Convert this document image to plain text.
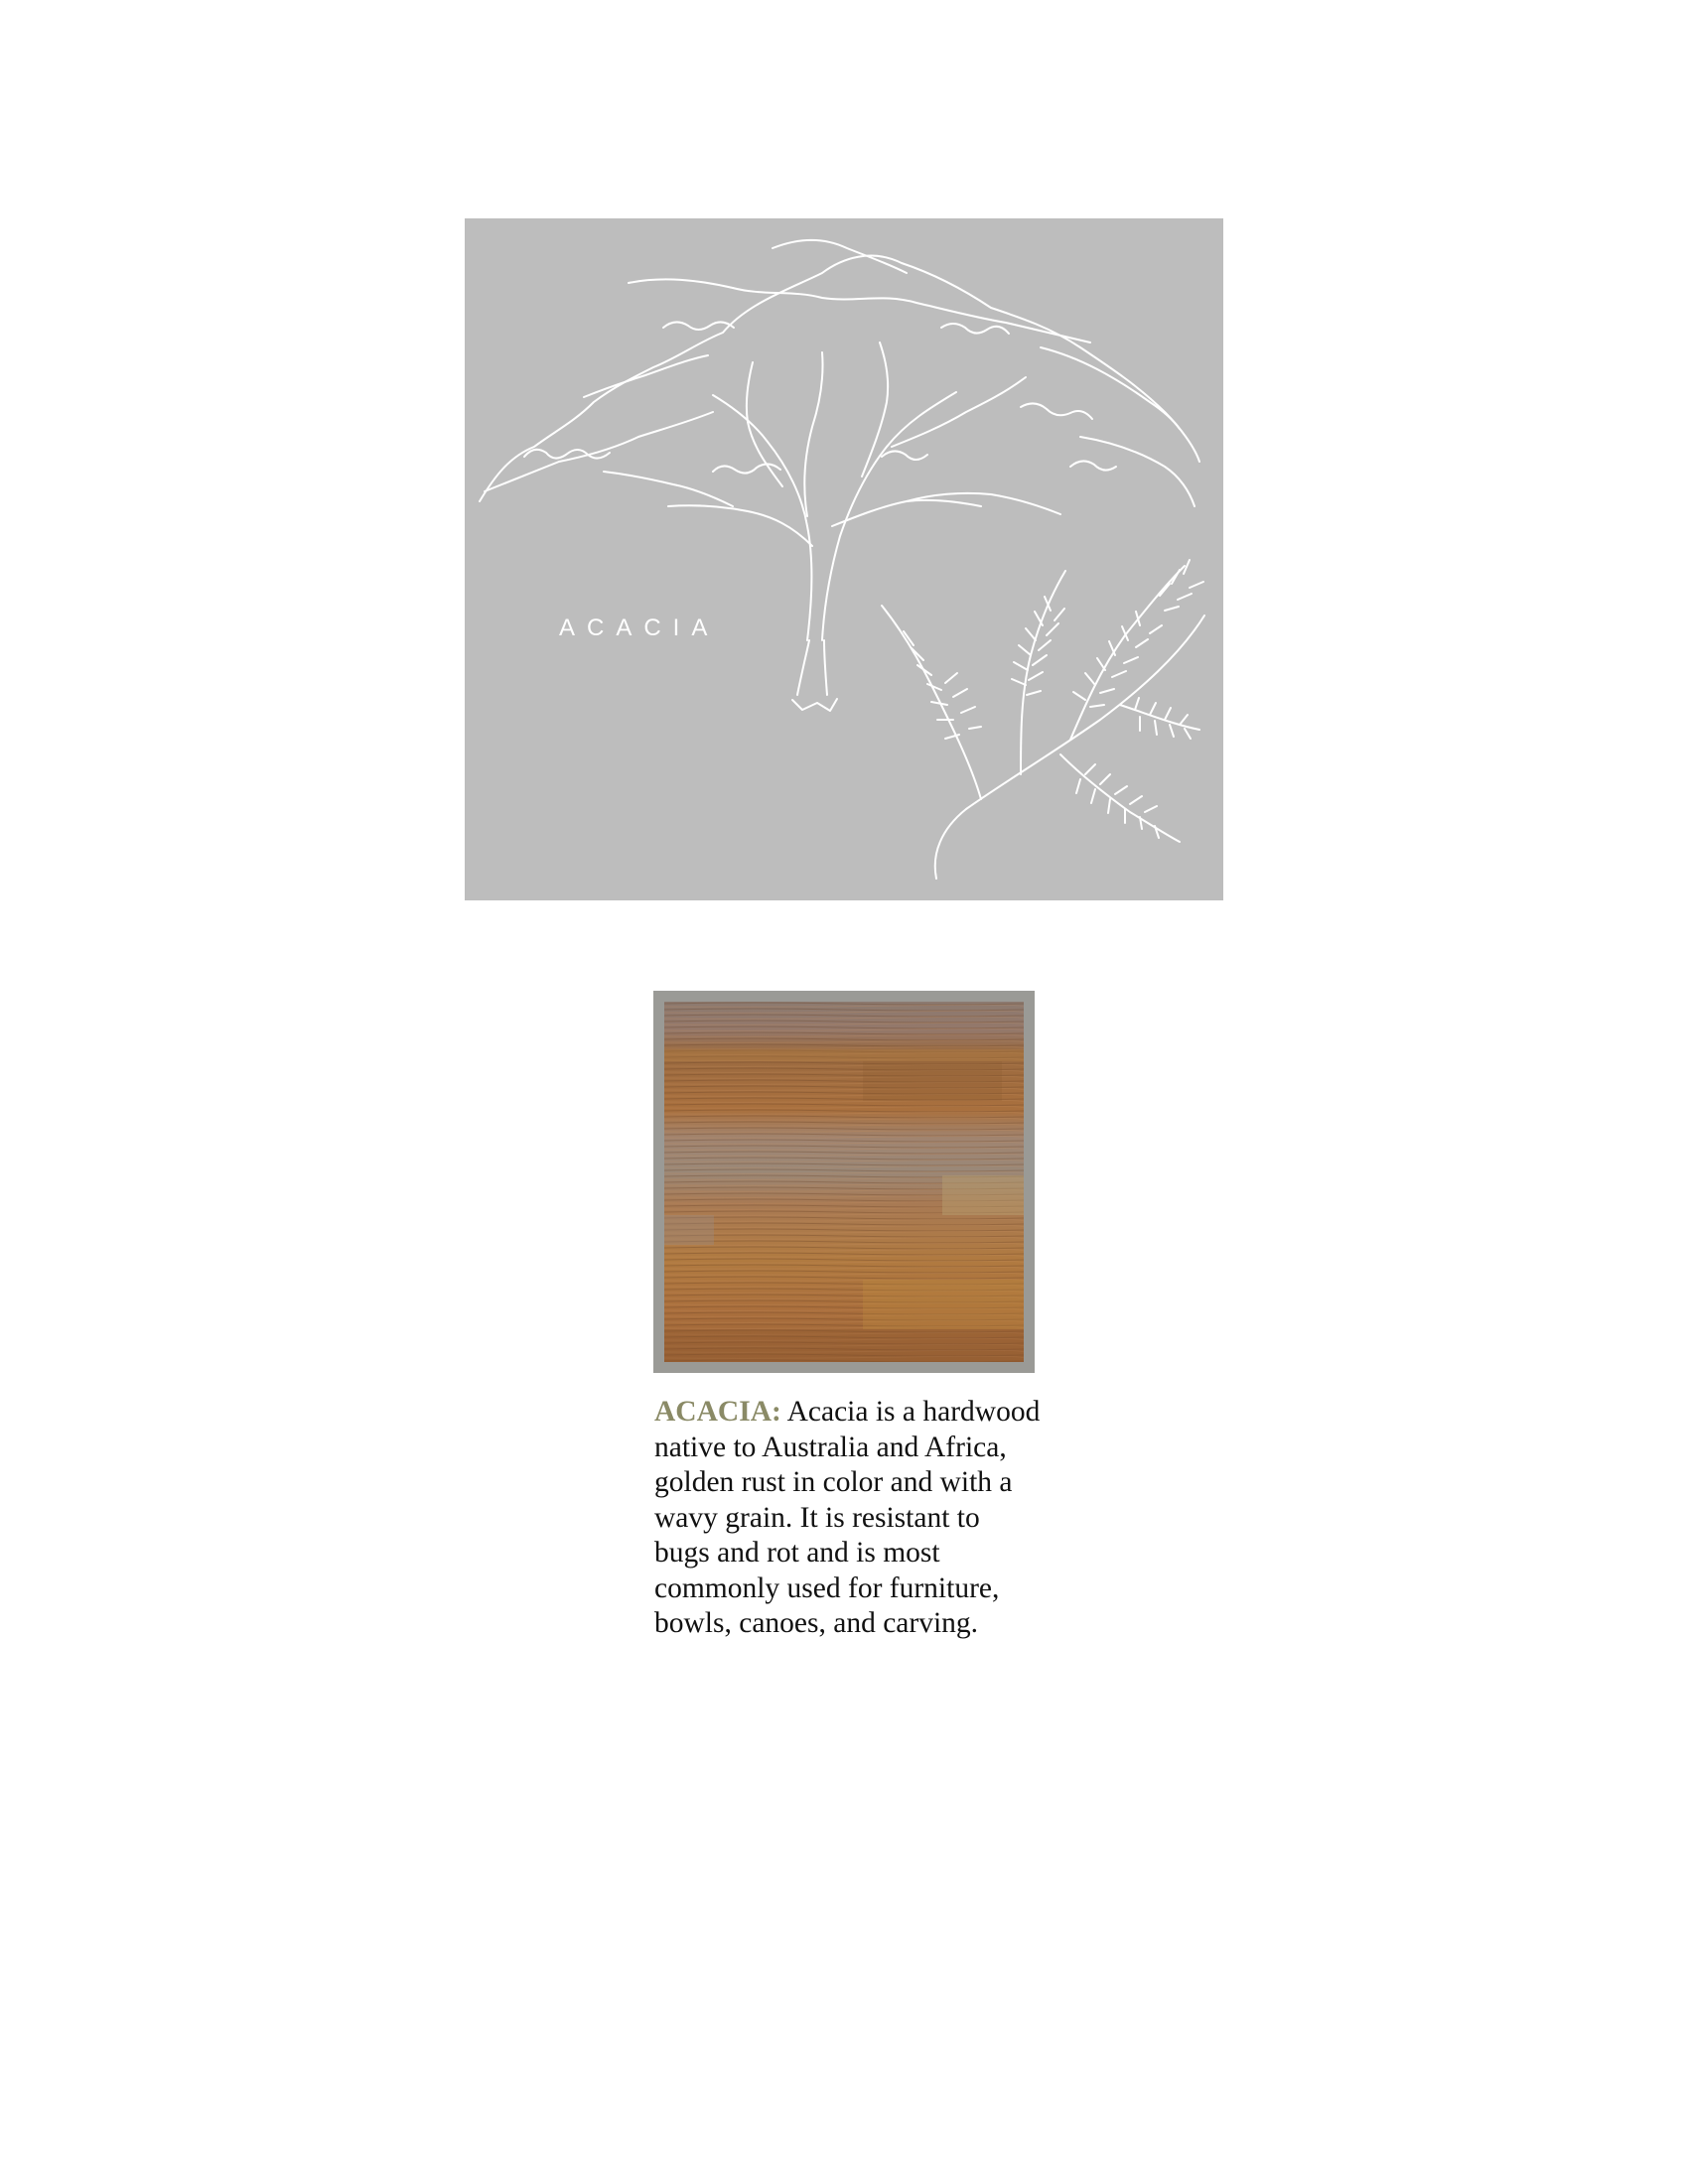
ACACIA

ACACIA: Acacia is a hardwood native to Australia and Africa, golden rust in color and with a wavy grain. It is resistant to bugs and rot and is most commonly used for furniture, bowls, canoes, and carving.
